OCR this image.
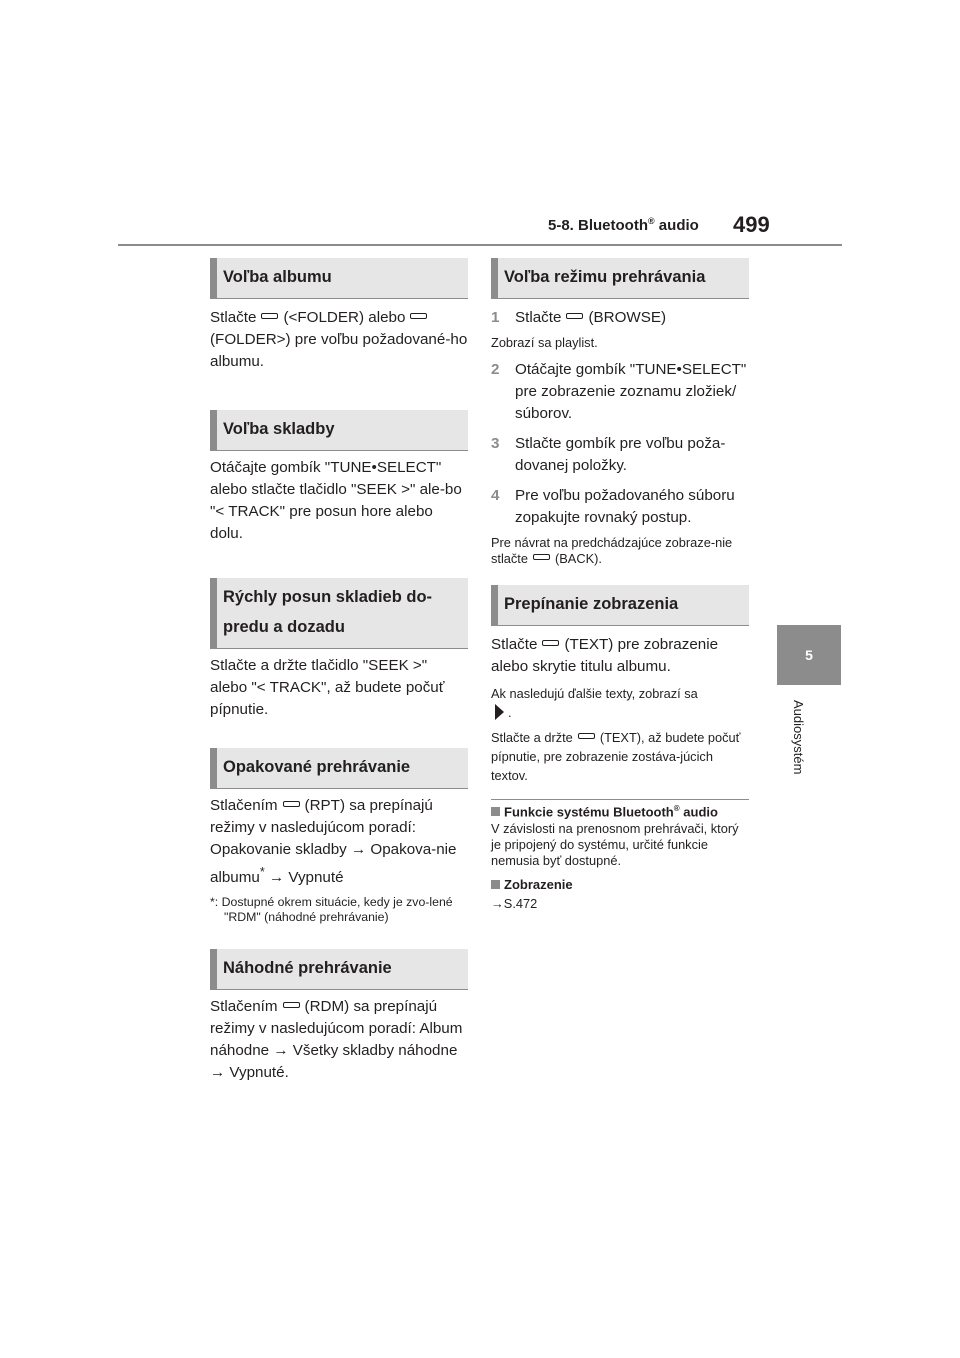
5-8. Bluetooth® audio 499
5
Audiosystém
Voľba albumu

Stlačte (<FOLDER) alebo(FOLDER>) pre voľbu požadované-ho albumu.

Voľba skladby

Otáčajte gombík "TUNE•SELECT" alebo stlačte tlačidlo "SEEK >" ale-bo "< TRACK" pre posun hore alebo dolu.

Rýchly posun skladieb do-predu a dozadu

Stlačte a držte tlačidlo "SEEK >" alebo "< TRACK", až budete počuť pípnutie.

Opakované prehrávanie

Stlačením (RPT) sa prepínajú režimy v nasledujúcom poradí: Opakovanie skladby → Opakova-nie albumu* → Vypnuté

*: Dostupné okrem situácie, kedy je zvo-lené "RDM" (náhodné prehrávanie)

Náhodné prehrávanie

Stlačením (RDM) sa prepínajú režimy v nasledujúcom poradí: Album náhodne → Všetky skladby náhodne → Vypnuté.

Voľba režimu prehrávania
1	Stlačte (BROWSE)

Zobrazí sa playlist.

2	Otáčajte gombík "TUNE•SELECT" pre zobrazenie zoznamu zložiek/ súborov.
3	Stlačte gombík pre voľbu poža-dovanej položky.
4	Pre voľbu požadovaného súboru zopakujte rovnaký postup.

Pre návrat na predchádzajúce zobraze-nie stlačte (BACK).

Prepínanie zobrazenia

Stlačte (TEXT) pre zobrazenie alebo skrytie titulu albumu.

Ak nasledujú ďalšie texty, zobrazí sa
.

Stlačte a držte (TEXT), až budete počuť pípnutie, pre zobrazenie zostáva-júcich textov.

Funkcie systému Bluetooth® audio

V závislosti na prenosnom prehrávači, ktorý je pripojený do systému, určité funkcie nemusia byť dostupné.

Zobrazenie

→S.472
